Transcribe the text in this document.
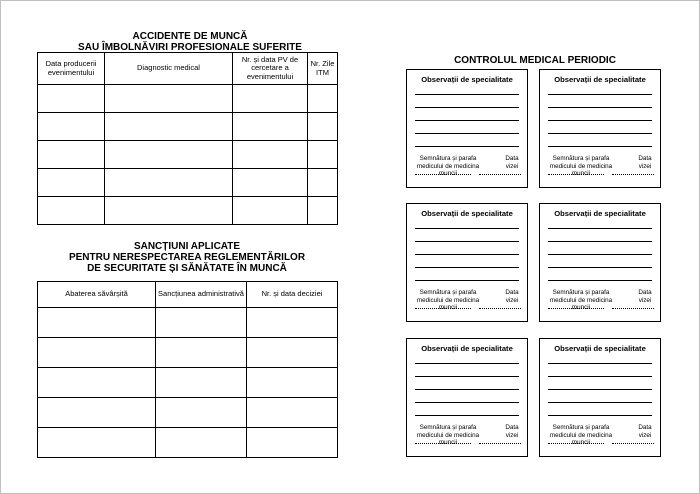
ACCIDENTE DE MUNCĂ
SAU ÎMBOLNĂVIRI PROFESIONALE SUFERITE
Data producerii evenimentului	Diagnostic medical	Nr. și data PV de cercetare a evenimentului	Nr. Zile ITM

SANCȚIUNI APLICATE
PENTRU NERESPECTAREA REGLEMENTĂRILOR
DE SECURITATE ȘI SĂNĂTATE ÎN MUNCĂ
Abaterea săvârșită	Sancțiunea administrativă	Nr. și data deciziei

CONTROLUL MEDICAL PERIODIC
Observații de specialitate
Semnătura și parafa medicului de medicina muncii
Data vizei
Observații de specialitate
Semnătura și parafa medicului de medicina muncii
Data vizei
Observații de specialitate
Semnătura și parafa medicului de medicina muncii
Data vizei
Observații de specialitate
Semnătura și parafa medicului de medicina muncii
Data vizei
Observații de specialitate
Semnătura și parafa medicului de medicina muncii
Data vizei
Observații de specialitate
Semnătura și parafa medicului de medicina muncii
Data vizei
